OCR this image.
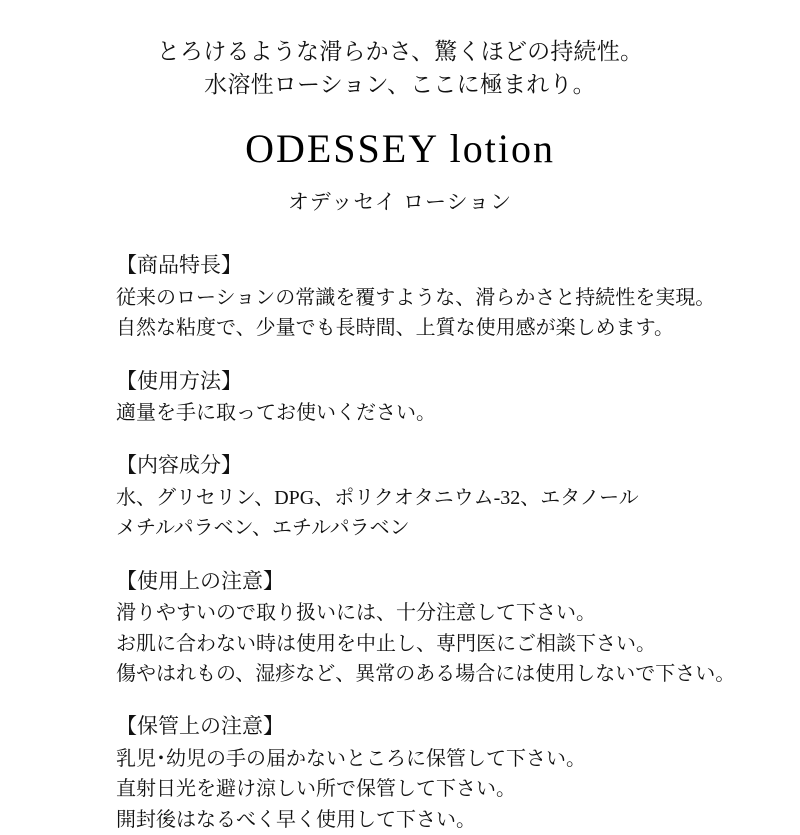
とろけるような滑らかさ、驚くほどの持続性。
水溶性ローション、ここに極まれり。
ODESSEY lotion
オデッセイ ローション
【商品特長】
従来のローションの常識を覆すような、滑らかさと持続性を実現。
自然な粘度で、少量でも長時間、上質な使用感が楽しめます。
【使用方法】
適量を手に取ってお使いください。
【内容成分】
水、グリセリン、DPG、ポリクオタニウム-32、エタノール
メチルパラベン、エチルパラベン
【使用上の注意】
滑りやすいので取り扱いには、十分注意して下さい。
お肌に合わない時は使用を中止し、専門医にご相談下さい。
傷やはれもの、湿疹など、異常のある場合には使用しないで下さい。
【保管上の注意】
乳児･幼児の手の届かないところに保管して下さい。
直射日光を避け涼しい所で保管して下さい。
開封後はなるべく早く使用して下さい。
